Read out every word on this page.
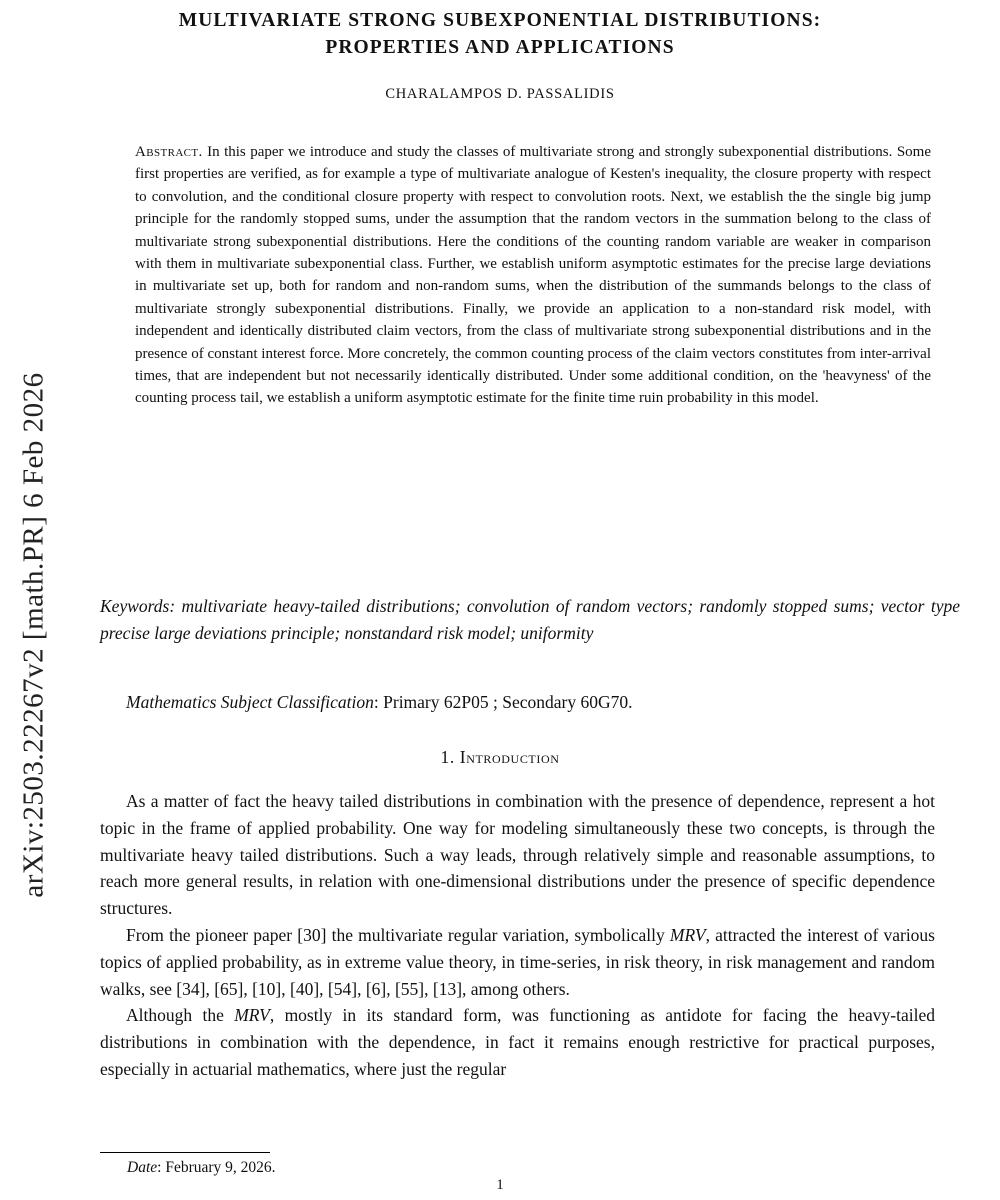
arXiv:2503.22267v2 [math.PR] 6 Feb 2026
MULTIVARIATE STRONG SUBEXPONENTIAL DISTRIBUTIONS:
PROPERTIES AND APPLICATIONS
CHARALAMPOS D. PASSALIDIS
Abstract. In this paper we introduce and study the classes of multivariate strong and strongly subexponential distributions. Some first properties are verified, as for example a type of multivariate analogue of Kesten's inequality, the closure property with respect to convolution, and the conditional closure property with respect to convolution roots. Next, we establish the the single big jump principle for the randomly stopped sums, under the assumption that the random vectors in the summation belong to the class of multivariate strong subexponential distributions. Here the conditions of the counting random variable are weaker in comparison with them in multivariate subexponential class. Further, we establish uniform asymptotic estimates for the precise large deviations in multivariate set up, both for random and non-random sums, when the distribution of the summands belongs to the class of multivariate strongly subexponential distributions. Finally, we provide an application to a non-standard risk model, with independent and identically distributed claim vectors, from the class of multivariate strong subexponential distributions and in the presence of constant interest force. More concretely, the common counting process of the claim vectors constitutes from inter-arrival times, that are independent but not necessarily identically distributed. Under some additional condition, on the 'heavyness' of the counting process tail, we establish a uniform asymptotic estimate for the finite time ruin probability in this model.
Keywords: multivariate heavy-tailed distributions; convolution of random vectors; randomly stopped sums; vector type precise large deviations principle; nonstandard risk model; uniformity
Mathematics Subject Classification: Primary 62P05 ; Secondary 60G70.
1. Introduction

As a matter of fact the heavy tailed distributions in combination with the presence of dependence, represent a hot topic in the frame of applied probability. One way for modeling simultaneously these two concepts, is through the multivariate heavy tailed distributions. Such a way leads, through relatively simple and reasonable assumptions, to reach more general results, in relation with one-dimensional distributions under the presence of specific dependence structures.

From the pioneer paper [30] the multivariate regular variation, symbolically MRV, attracted the interest of various topics of applied probability, as in extreme value theory, in time-series, in risk theory, in risk management and random walks, see [34], [65], [10], [40], [54], [6], [55], [13], among others.

Although the MRV, mostly in its standard form, was functioning as antidote for facing the heavy-tailed distributions in combination with the dependence, in fact it remains enough restrictive for practical purposes, especially in actuarial mathematics, where just the regular

Date: February 9, 2026.
1
